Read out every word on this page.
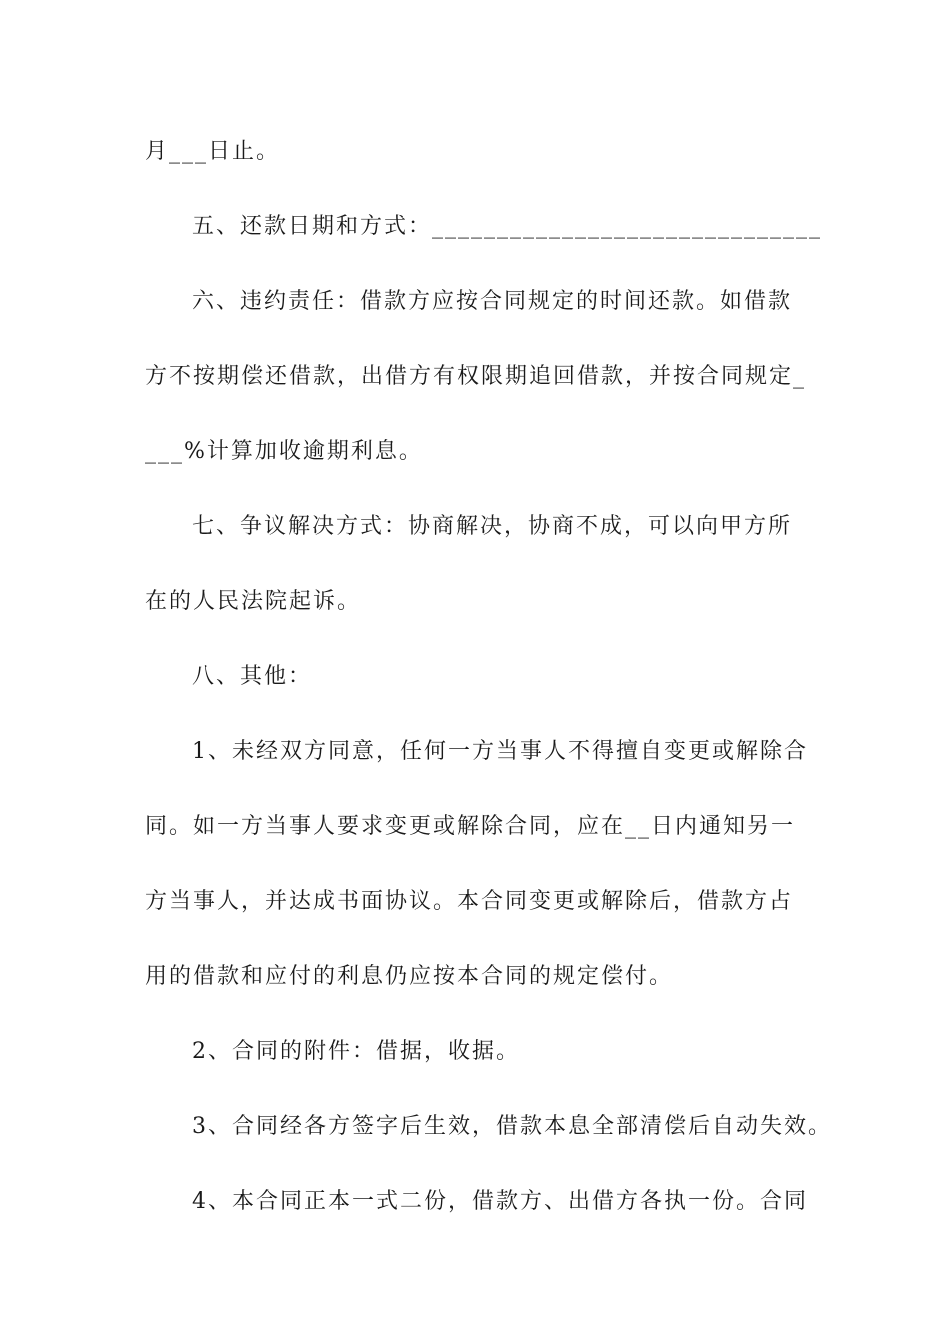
月___日止。
五、还款日期和方式：______________________________
六、违约责任：借款方应按合同规定的时间还款。如借款
方不按期偿还借款，出借方有权限期追回借款，并按合同规定_
___%计算加收逾期利息。
七、争议解决方式：协商解决，协商不成，可以向甲方所
在的人民法院起诉。
八、其他：
1、未经双方同意，任何一方当事人不得擅自变更或解除合
同。如一方当事人要求变更或解除合同，应在__日内通知另一
方当事人，并达成书面协议。本合同变更或解除后，借款方占
用的借款和应付的利息仍应按本合同的规定偿付。
2、合同的附件：借据，收据。
3、合同经各方签字后生效，借款本息全部清偿后自动失效。
4、本合同正本一式二份，借款方、出借方各执一份。合同
